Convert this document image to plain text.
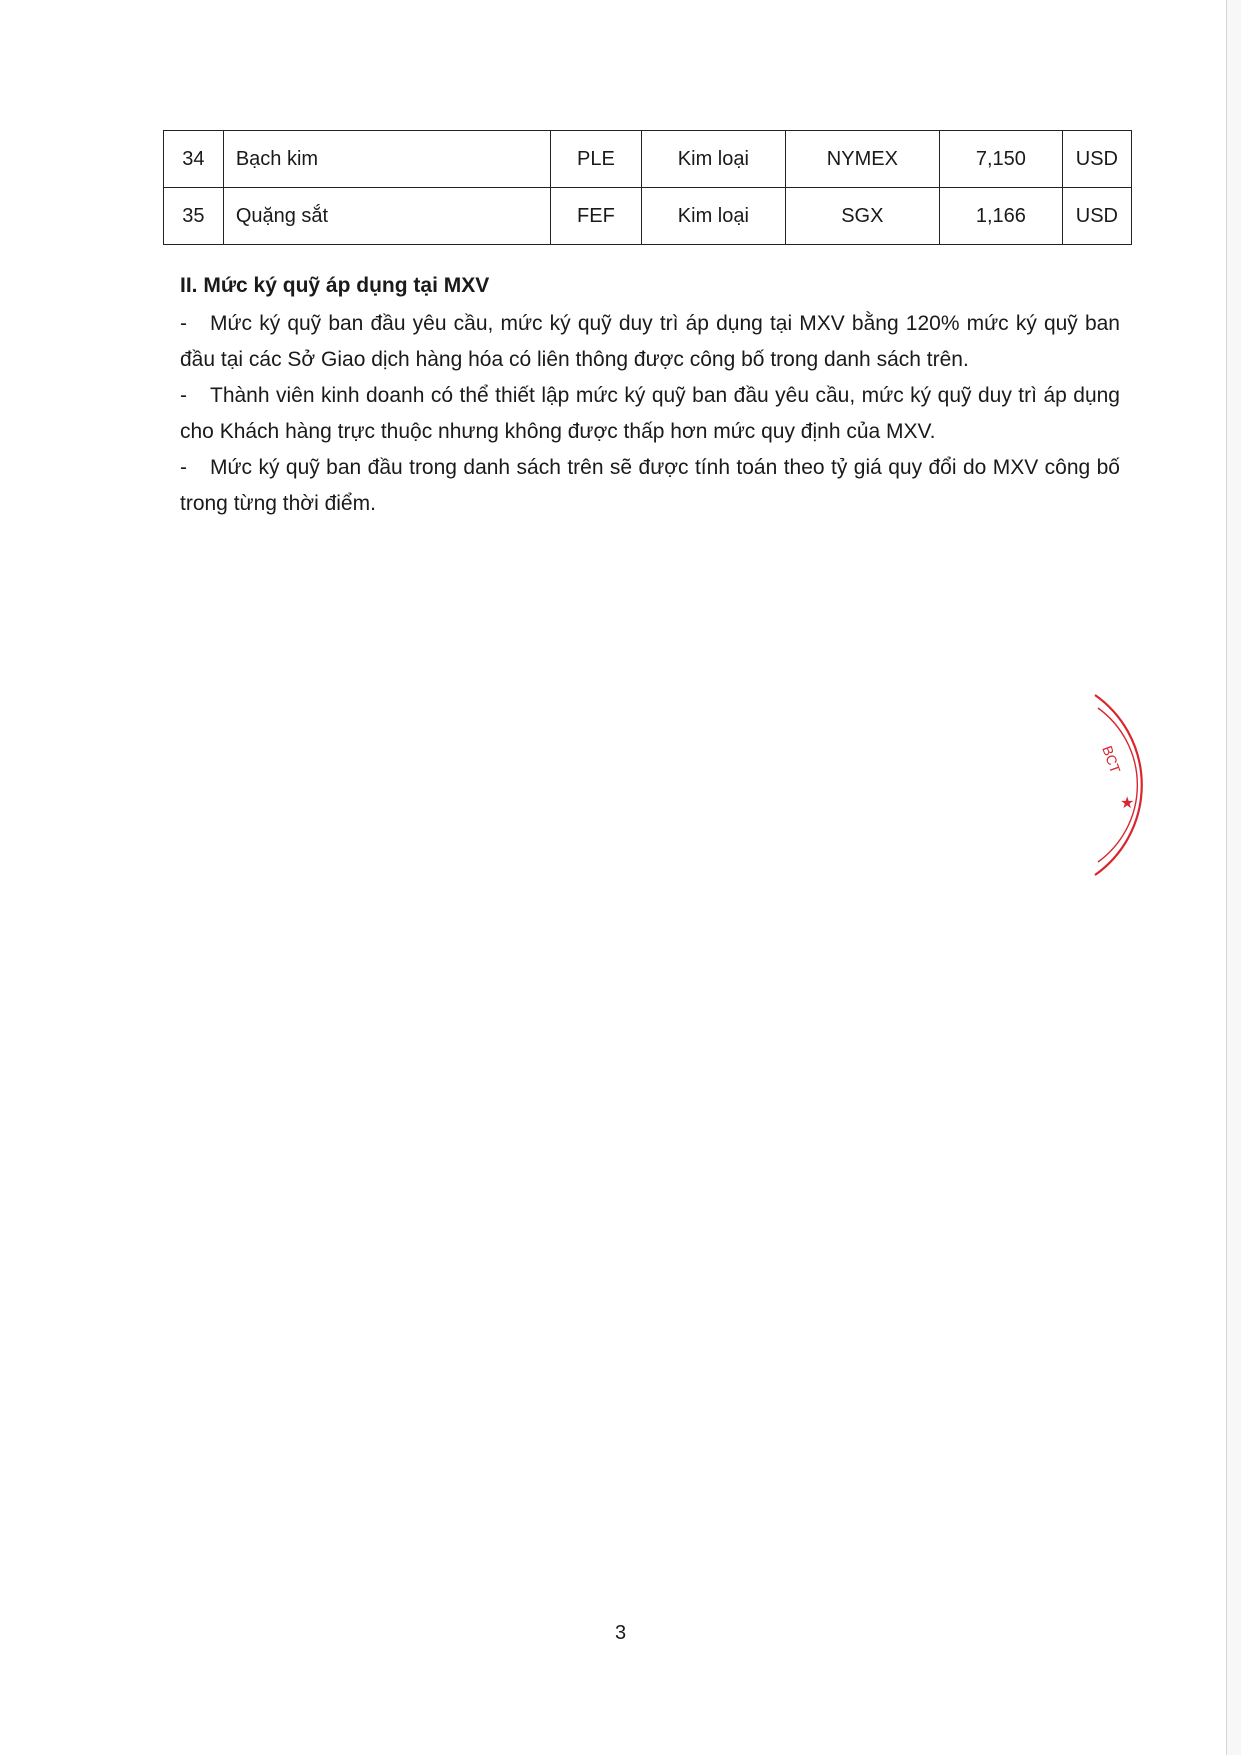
34	Bạch kim	PLE	Kim loại	NYMEX	7,150	USD
35	Quặng sắt	FEF	Kim loại	SGX	1,166	USD

II. Mức ký quỹ áp dụng tại MXV

- Mức ký quỹ ban đầu yêu cầu, mức ký quỹ duy trì áp dụng tại MXV bằng 120% mức ký quỹ ban đầu tại các Sở Giao dịch hàng hóa có liên thông được công bố trong danh sách trên.

- Thành viên kinh doanh có thể thiết lập mức ký quỹ ban đầu yêu cầu, mức ký quỹ duy trì áp dụng cho Khách hàng trực thuộc nhưng không được thấp hơn mức quy định của MXV.

- Mức ký quỹ ban đầu trong danh sách trên sẽ được tính toán theo tỷ giá quy đổi do MXV công bố trong từng thời điểm.

BCT
★
3
